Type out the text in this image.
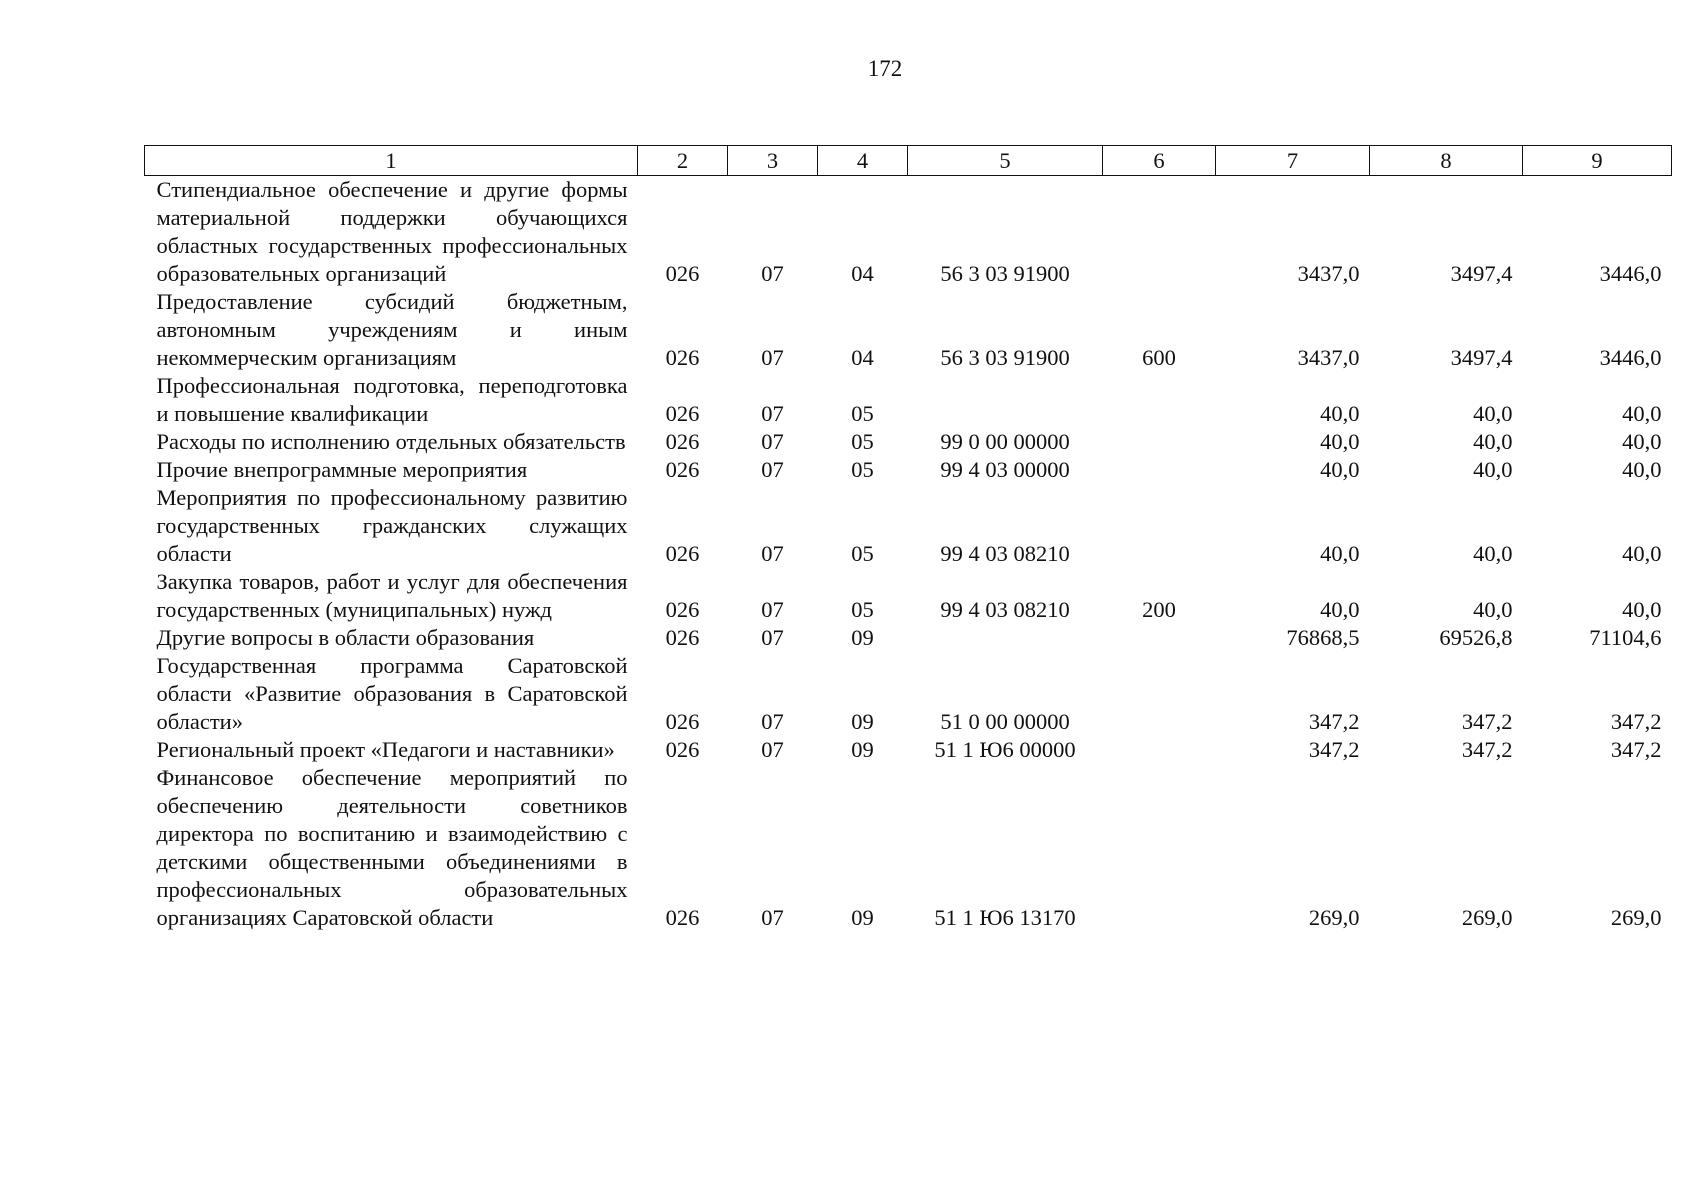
172
1	2	3	4	5	6	7	8	9
Стипендиальное обеспечение и другие формы материальной поддержки обучающихся областных государственных профессиональных образовательных организаций	026	07	04	56 3 03 91900		3437,0	3497,4	3446,0
Предоставление субсидий бюджетным, автономным учреждениям и иным некоммерческим организациям	026	07	04	56 3 03 91900	600	3437,0	3497,4	3446,0
Профессиональная подготовка, переподготовка и повышение квалификации	026	07	05			40,0	40,0	40,0
Расходы по исполнению отдельных обязательств	026	07	05	99 0 00 00000		40,0	40,0	40,0
Прочие внепрограммные мероприятия	026	07	05	99 4 03 00000		40,0	40,0	40,0
Мероприятия по профессиональному развитию государственных гражданских служащих области	026	07	05	99 4 03 08210		40,0	40,0	40,0
Закупка товаров, работ и услуг для обеспечения государственных (муниципальных) нужд	026	07	05	99 4 03 08210	200	40,0	40,0	40,0
Другие вопросы в области образования	026	07	09			76868,5	69526,8	71104,6
Государственная программа Саратовской области «Развитие образования в Саратовской области»	026	07	09	51 0 00 00000		347,2	347,2	347,2
Региональный проект «Педагоги и наставники»	026	07	09	51 1 Ю6 00000		347,2	347,2	347,2
Финансовое обеспечение мероприятий по обеспечению деятельности советников директора по воспитанию и взаимодействию с детскими общественными объединениями в профессиональных образовательных организациях Саратовской области	026	07	09	51 1 Ю6 13170		269,0	269,0	269,0
